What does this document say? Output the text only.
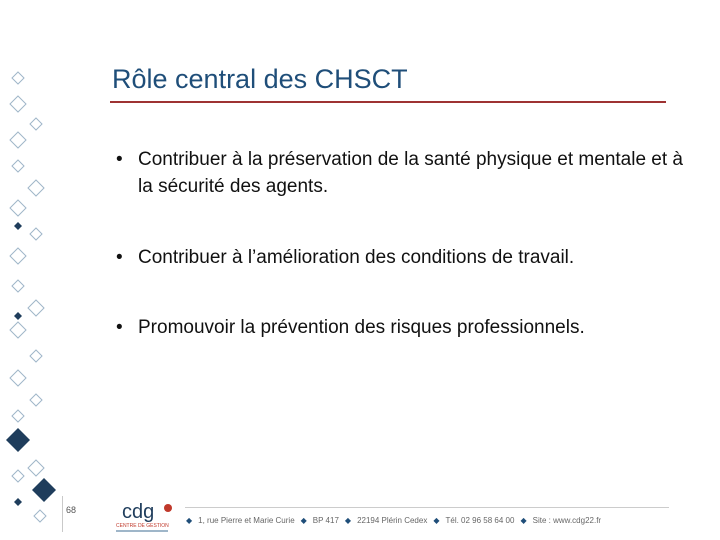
Rôle central des CHSCT
• Contribuer à la préservation de la santé physique et mentale et à la sécurité des agents.
• Contribuer à l’amélioration des conditions de travail.
• Promouvoir la prévention des risques professionnels.
68 cdg
CENTRE DE GESTION
◆ 1, rue Pierre et Marie Curie ◆ BP 417 ◆ 22194 Plérin Cedex ◆ Tél. 02 96 58 64 00 ◆ Site : www.cdg22.fr
